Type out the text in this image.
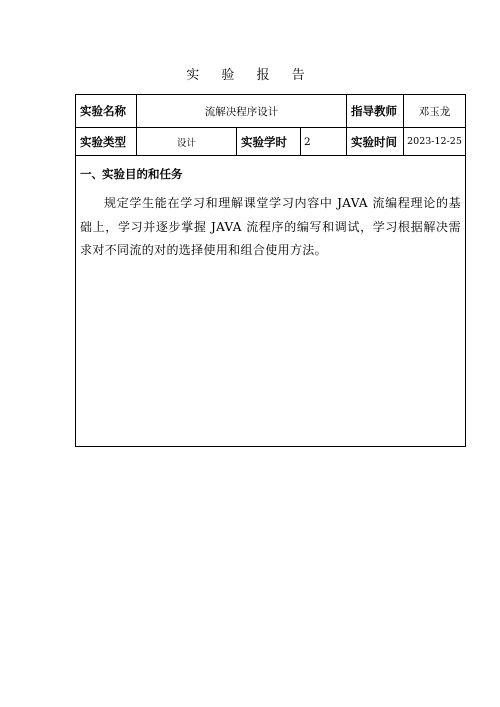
实 验 报 告
实验名称	流解决程序设计			指导教师	邓玉龙
实验类型	设计	实验学时	2	实验时间	2023-12-25

一、实验目的和任务
规定学生能在学习和理解课堂学习内容中 JAVA 流编程理论的基础上，学习并逐步掌握 JAVA 流程序的编写和调试，学习根据解决需求对不同流的对的选择使用和组合使用方法。					
